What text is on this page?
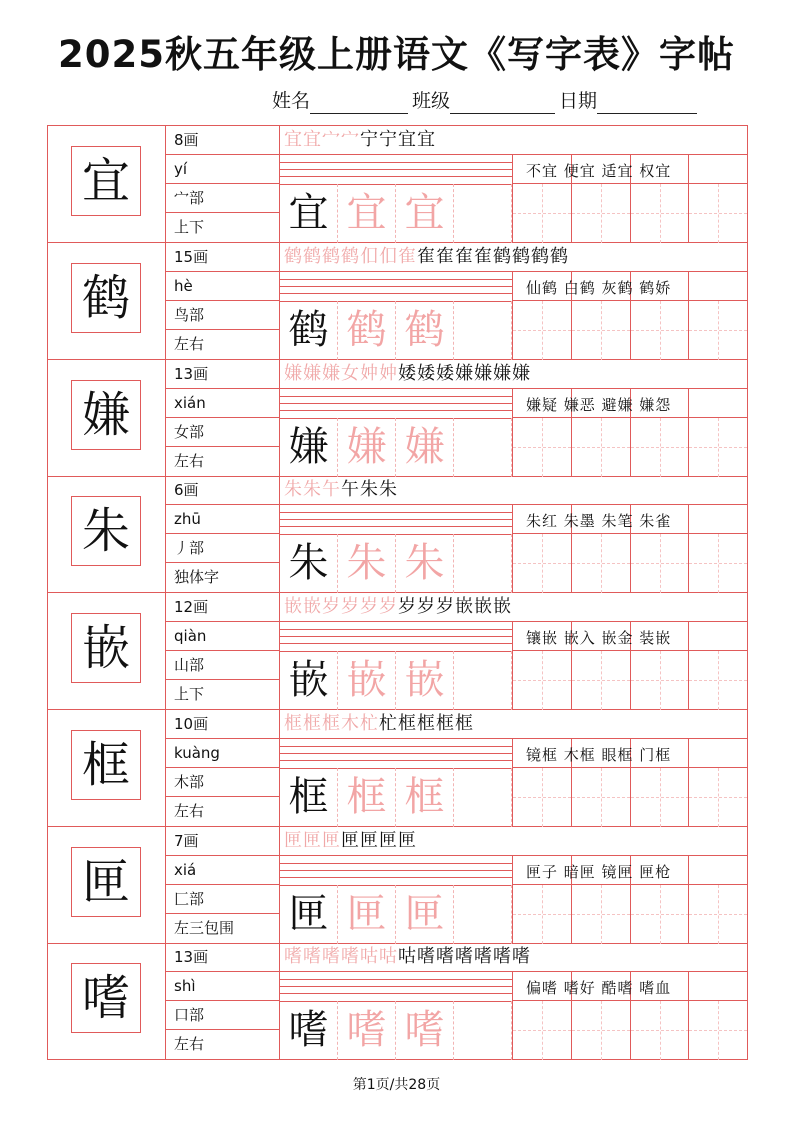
2025秋五年级上册语文《写字表》字帖
姓名	班级	日期
宜
8画
yí
宀部
上下
宜宜宀宀宁宁宜宜
不宜 便宜 适宜 权宜
宜 宜 宜
鹤
15画
hè
鸟部
左右
鹤鹤鹤鹤㐰㐰隺隺隺隺隺鹤鹤鹤鹤
仙鹤 白鹤 灰鹤 鹤娇
鹤 鹤 鹤
嫌
13画
xián
女部
左右
嫌嫌嫌女妕妕婑婑婑嫌嫌嫌嫌
嫌疑 嫌恶 避嫌 嫌怨
嫌 嫌 嫌
朱
6画
zhū
丿部
独体字
朱朱午午朱朱
朱红 朱墨 朱笔 朱雀
朱 朱 朱
嵌
12画
qiàn
山部
上下
嵌嵌岁岁岁岁岁岁岁嵌嵌嵌
镶嵌 嵌入 嵌金 装嵌
嵌 嵌 嵌
框
10画
kuàng
木部
左右
框框框木杧杧框框框框
镜框 木框 眼框 门框
框 框 框
匣
7画
xiá
匚部
左三包围
匣匣匣匣匣匣匣
匣子 暗匣 镜匣 匣枪
匣 匣 匣
嗜
13画
shì
口部
左右
嗜嗜嗜嗜咕咕咕嗜嗜嗜嗜嗜嗜
偏嗜 嗜好 酷嗜 嗜血
嗜 嗜 嗜
第1页/共28页
